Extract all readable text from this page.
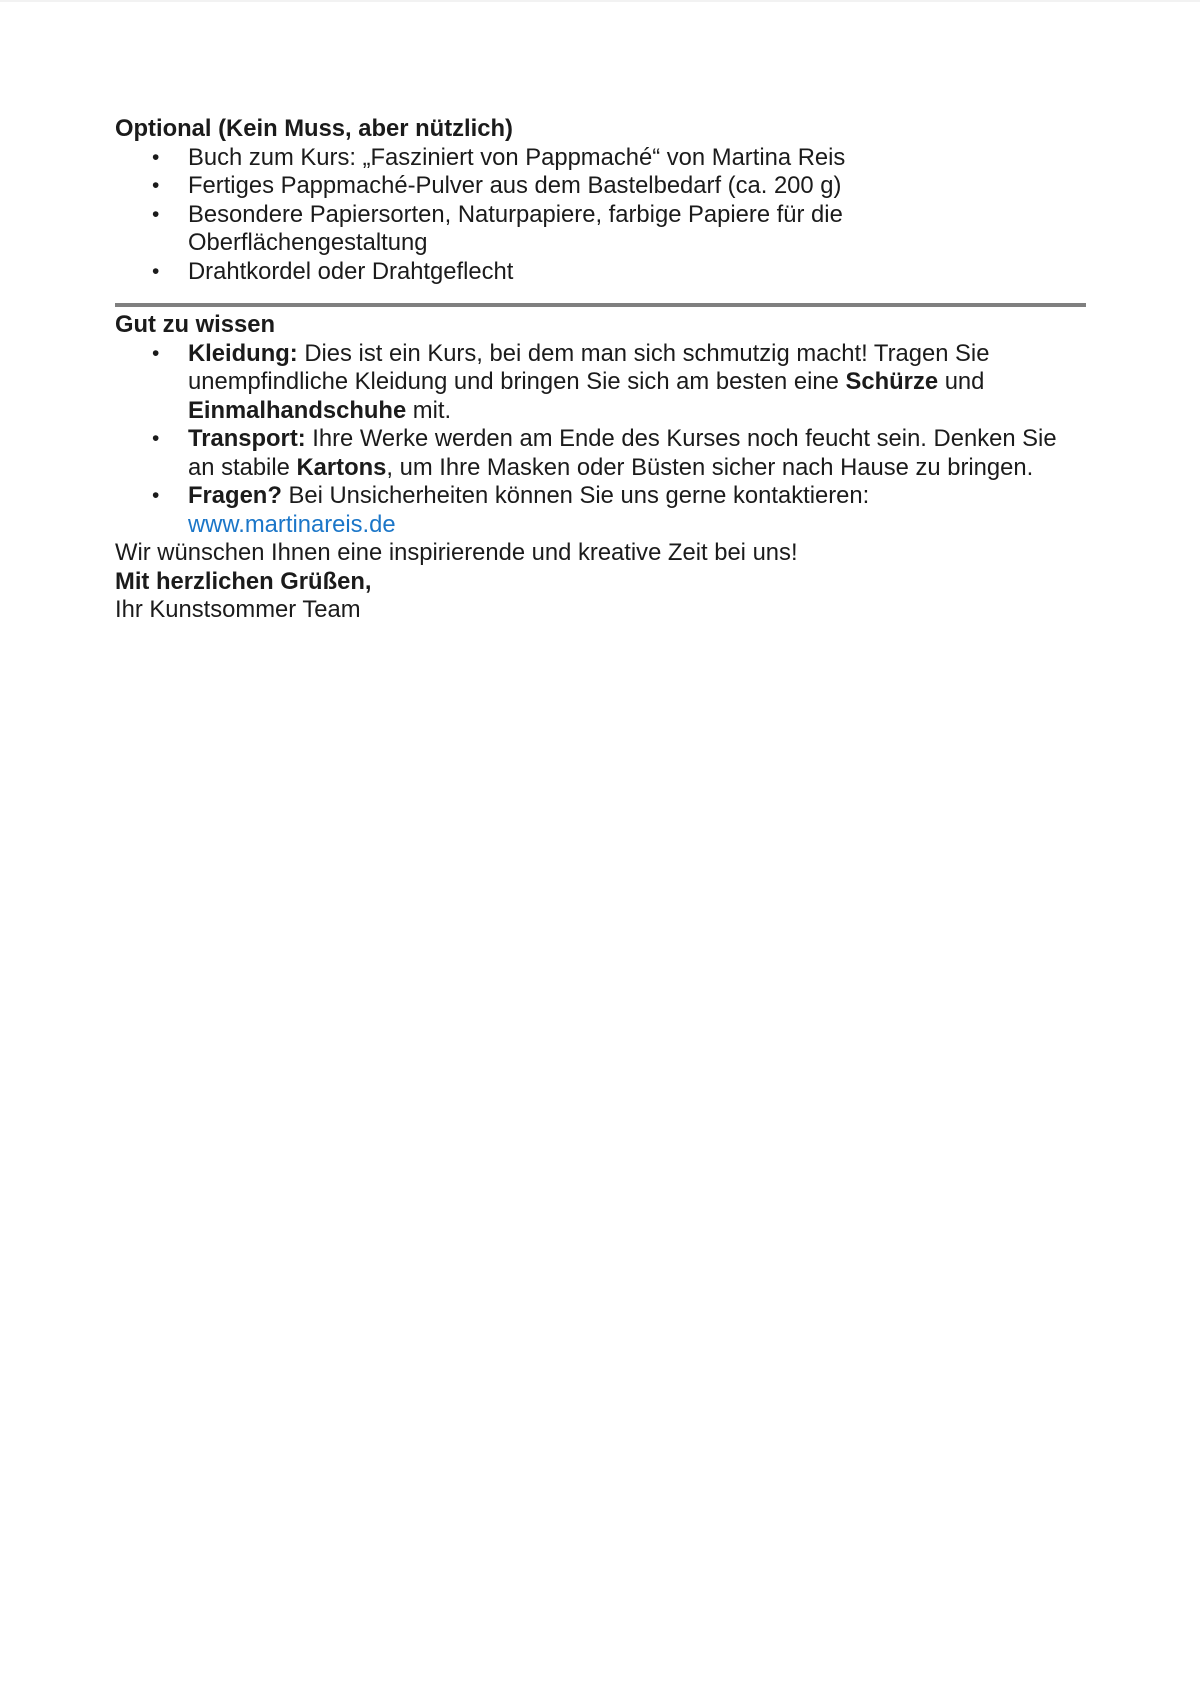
Optional (Kein Muss, aber nützlich)
• Buch zum Kurs: „Fasziniert von Pappmaché“ von Martina Reis
• Fertiges Pappmaché-Pulver aus dem Bastelbedarf (ca. 200 g)
• Besondere Papiersorten, Naturpapiere, farbige Papiere für die Oberflächengestaltung
• Drahtkordel oder Drahtgeflecht
Gut zu wissen
• Kleidung: Dies ist ein Kurs, bei dem man sich schmutzig macht! Tragen Sie unempfindliche Kleidung und bringen Sie sich am besten eine Schürze und Einmalhandschuhe mit.
• Transport: Ihre Werke werden am Ende des Kurses noch feucht sein. Denken Sie an stabile Kartons, um Ihre Masken oder Büsten sicher nach Hause zu bringen.
• Fragen? Bei Unsicherheiten können Sie uns gerne kontaktieren:
www.martinareis.de

Wir wünschen Ihnen eine inspirierende und kreative Zeit bei uns!

Mit herzlichen Grüßen,

Ihr Kunstsommer Team
